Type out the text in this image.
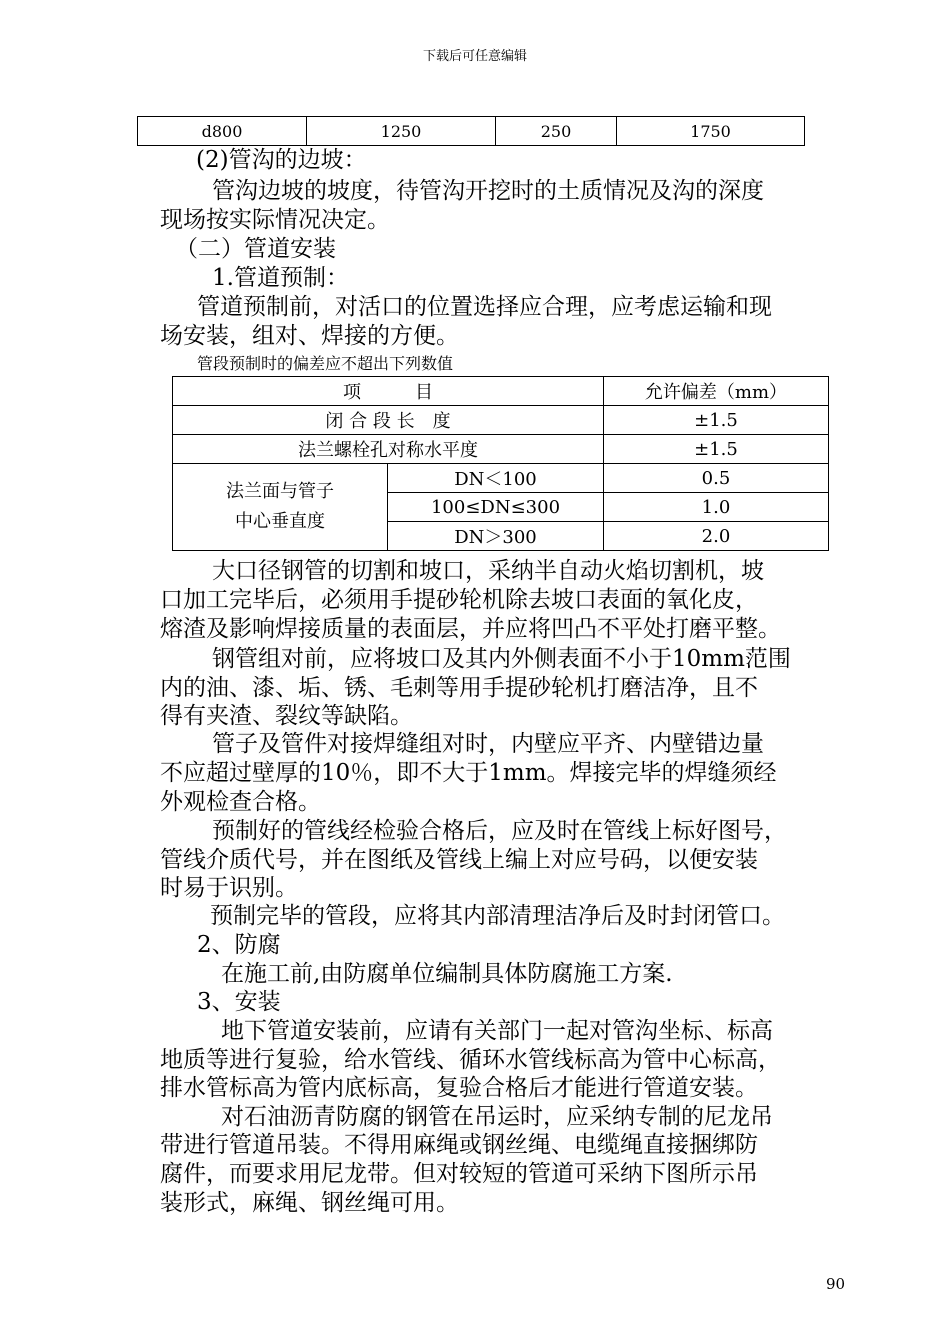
下载后可任意编辑
d800	1250	250	1750
(2)管沟的边坡：
管沟边坡的坡度，待管沟开挖时的土质情况及沟的深度
现场按实际情况决定。
（二）管道安装
1.管道预制：
管道预制前，对活口的位置选择应合理，应考虑运输和现
场安装，组对、焊接的方便。
管段预制时的偏差应不超出下列数值
项　　　目		允许偏差（mm）
闭 合 段 长　度		±1.5
法兰螺栓孔对称水平度		±1.5

法兰面与管子
中心垂直度	DN＜100	0.5
	100≤DN≤300	1.0
	DN＞300	2.0
大口径钢管的切割和坡口，采纳半自动火焰切割机，坡
口加工完毕后，必须用手提砂轮机除去坡口表面的氧化皮，
熔渣及影响焊接质量的表面层，并应将凹凸不平处打磨平整。
钢管组对前，应将坡口及其内外侧表面不小于10mm范围
内的油、漆、垢、锈、毛刺等用手提砂轮机打磨洁净，且不
得有夹渣、裂纹等缺陷。
管子及管件对接焊缝组对时，内壁应平齐、内壁错边量
不应超过壁厚的10％，即不大于1mm。焊接完毕的焊缝须经
外观检查合格。
预制好的管线经检验合格后，应及时在管线上标好图号，
管线介质代号，并在图纸及管线上编上对应号码，以便安装
时易于识别。
预制完毕的管段，应将其内部清理洁净后及时封闭管口。
2、防腐
在施工前,由防腐单位编制具体防腐施工方案.
3、安装
地下管道安装前，应请有关部门一起对管沟坐标、标高
地质等进行复验，给水管线、循环水管线标高为管中心标高，
排水管标高为管内底标高，复验合格后才能进行管道安装。
对石油沥青防腐的钢管在吊运时，应采纳专制的尼龙吊
带进行管道吊装。不得用麻绳或钢丝绳、电缆绳直接捆绑防
腐件，而要求用尼龙带。但对较短的管道可采纳下图所示吊
装形式，麻绳、钢丝绳可用。
90
